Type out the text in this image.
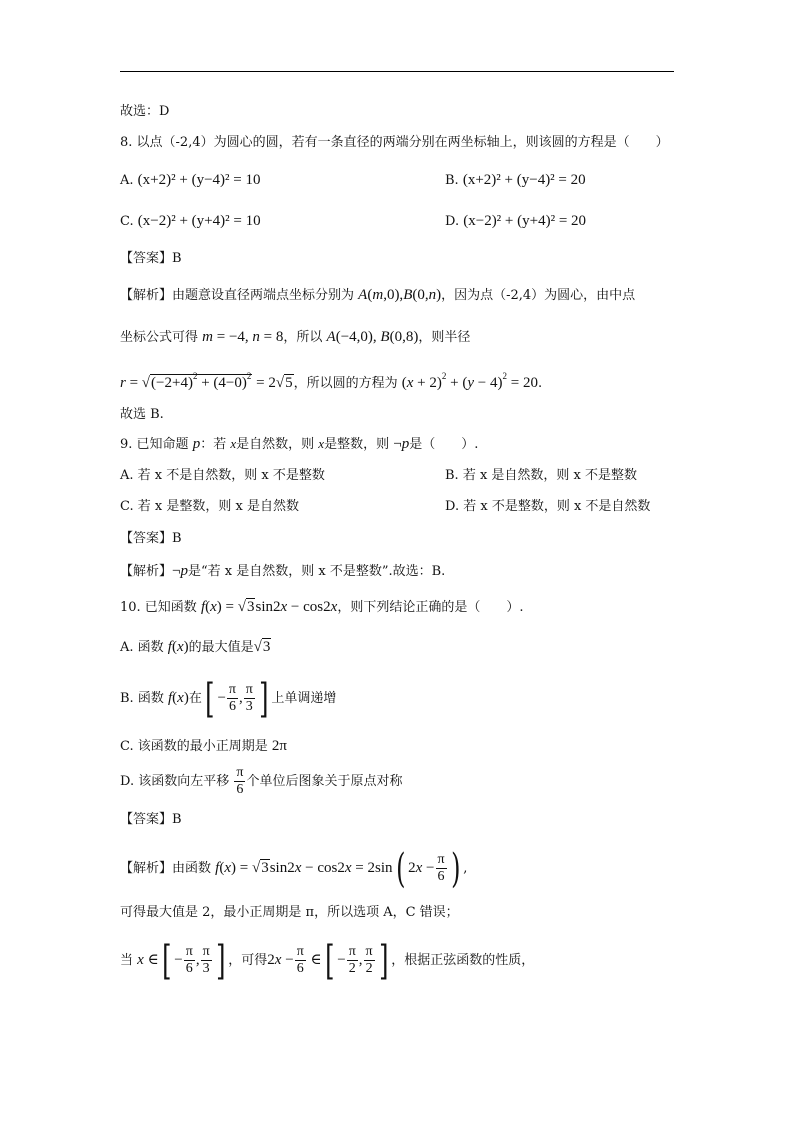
故选：D
8. 以点（-2,4）为圆心的圆，若有一条直径的两端分别在两坐标轴上，则该圆的方程是（　　）
A. (x+2)² + (y−4)² = 10	B. (x+2)² + (y−4)² = 20
C. (x−2)² + (y+4)² = 10	D. (x−2)² + (y+4)² = 20
【答案】B
【解析】由题意设直径两端点坐标分别为 A(m,0),B(0,n)，因为点（-2,4）为圆心，由中点
坐标公式可得 m = −4, n = 8，所以 A(−4,0), B(0,8)，则半径
$r = √(-2+4)^2 + (4-0)^2 = 2√5$，所以圆的方程为 $(x + 2)^2 + (y - 4)^2 = 20$.
故选 B.
9. 已知命题 p：若 x是自然数，则 x是整数，则 ¬p是（　　）.
A. 若 x 不是自然数，则 x 不是整数	B. 若 x 是自然数，则 x 不是整数
C. 若 x 是整数，则 x 是自然数	D. 若 x 不是整数，则 x 不是自然数
【答案】B
【解析】¬p是“若 x 是自然数，则 x 不是整数”.故选：B.
10. 已知函数 f(x) = √3sin2x − cos2x，则下列结论正确的是（　　）.
A. 函数 f(x)的最大值是√3
B. 函数 f(x)在[ − $\frac{\pi}{6}$ , $\frac{\pi}{3}$ ] 上单调递增
C. 该函数的最小正周期是 2π
D. 该函数向左平移 $\frac{\pi}{6}$ 个单位后图象关于原点对称
【答案】B
【解析】由函数 f(x) = √3sin2x − cos2x = 2sin( $2x - \frac{\pi}{6}$ ) ,
可得最大值是 2，最小正周期是 π，所以选项 A，C 错误；
当 x ∈[ − $\frac{\pi}{6}$ , $\frac{\pi}{3}$ ] ，可得$2x - \frac{\pi}{6}$ ∈[ − $\frac{\pi}{2}$ , $\frac{\pi}{2}$ ] ，根据正弦函数的性质，
